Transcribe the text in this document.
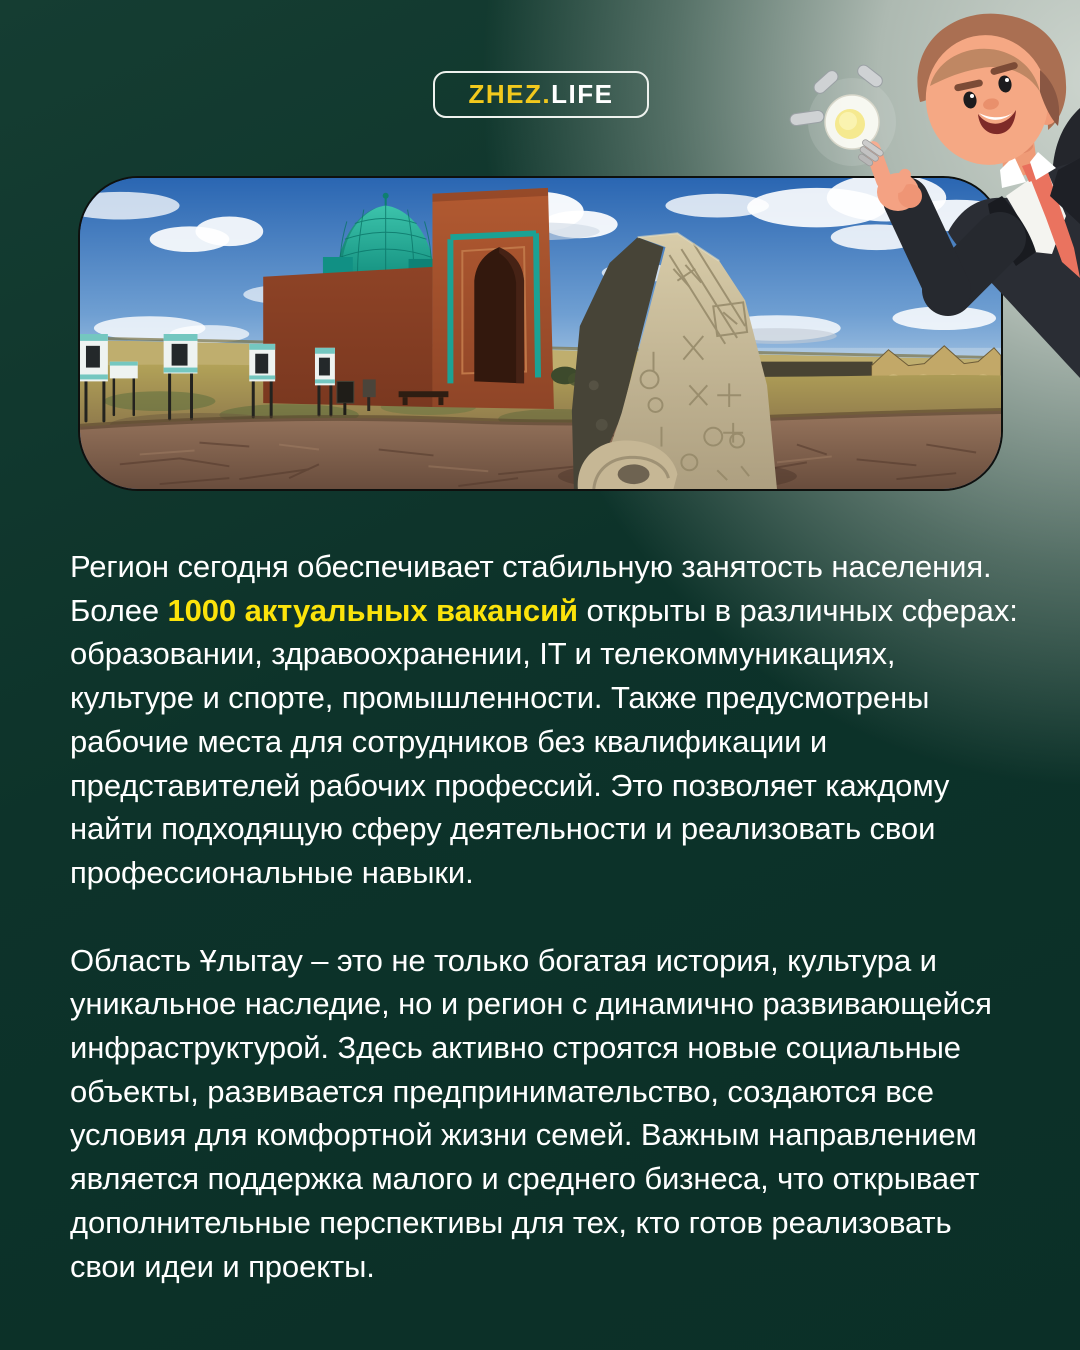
ZHEZ. LIFE

Регион сегодня обеспечивает стабильную занятость населения. Более 1000 актуальных вакансий открыты в различных сферах: образовании, здравоохранении, IT и телекоммуникациях, культуре и спорте, промышленности. Также предусмотрены рабочие места для сотрудников без квалификации и представителей рабочих профессий. Это позволяет каждому найти подходящую сферу деятельности и реализовать свои профессиональные навыки.

Область Ұлытау – это не только богатая история, культура и уникальное наследие, но и регион с динамично развивающейся инфраструктурой. Здесь активно строятся новые социальные объекты, развивается предпринимательство, создаются все условия для комфортной жизни семей. Важным направлением является поддержка малого и среднего бизнеса, что открывает дополнительные перспективы для тех, кто готов реализовать свои идеи и проекты.
